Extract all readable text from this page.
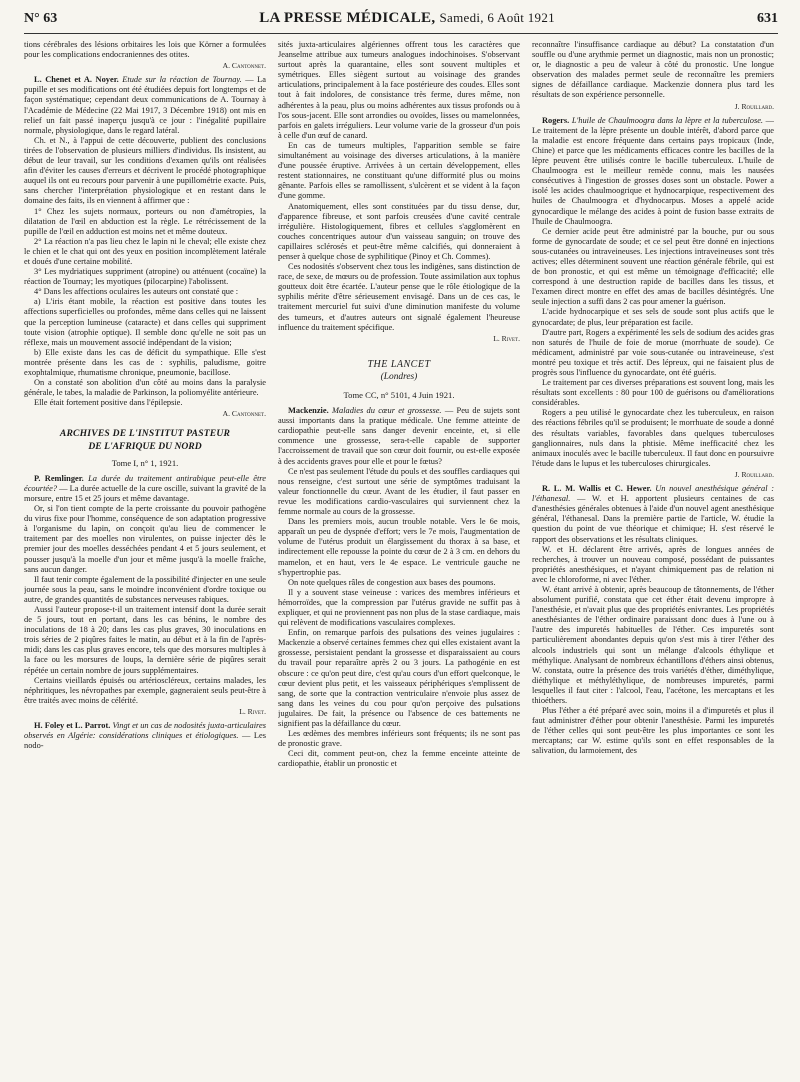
N° 63	LA PRESSE MÉDICALE, Samedi, 6 Août 1921	631

tions cérébrales des lésions orbitaires les lois que Körner a formulées pour les complications endocraniennes des otites.

A. Cantonnet.

L. Chenet et A. Noyer. Etude sur la réaction de Tournay. — La pupille et ses modifications ont été étudiées depuis fort longtemps et de façon systématique; cependant deux communications de A. Tournay à l'Académie de Médecine (22 Mai 1917, 3 Décembre 1918) ont mis en relief un fait passé inaperçu jusqu'à ce jour : l'inégalité pupillaire normale, physiologique, dans le regard latéral.

Ch. et N., à l'appui de cette découverte, publient des conclusions tirées de l'observation de plusieurs milliers d'individus. Ils insistent, au début de leur travail, sur les conditions d'examen qu'ils ont réalisées afin d'éviter les causes d'erreurs et décrivent le procédé photographique auquel ils ont eu recours pour parvenir à une pupillométrie exacte. Puis, sans chercher l'interprétation physiologique et en restant dans le domaine des faits, ils en viennent à affirmer que :

1° Chez les sujets normaux, porteurs ou non d'amétropies, la dilatation de l'œil en abduction est la règle. Le rétrécissement de la pupille de l'œil en adduction est moins net et même douteux.

2° La réaction n'a pas lieu chez le lapin ni le cheval; elle existe chez le chien et le chat qui ont des yeux en position incomplètement latérale et doués d'une certaine mobilité.

3° Les mydriatiques suppriment (atropine) ou atténuent (cocaïne) la réaction de Tournay; les myotiques (pilocarpine) l'abolissent.

4° Dans les affections oculaires les auteurs ont constaté que :

a) L'iris étant mobile, la réaction est positive dans toutes les affections superficielles ou profondes, même dans celles qui ne laissent que la perception lumineuse (cataracte) et dans celles qui suppriment toute vision (atrophie optique). Il semble donc qu'elle ne soit pas un réflexe, mais un mouvement associé indépendant de la vision;

b) Elle existe dans les cas de déficit du sympathique. Elle s'est montrée présente dans les cas de : syphilis, paludisme, goitre exophtalmique, rhumatisme chronique, pneumonie, bacillose.

On a constaté son abolition d'un côté au moins dans la paralysie générale, le tabes, la maladie de Parkinson, la poliomyélite antérieure.

Elle était fortement positive dans l'épilepsie.

A. Cantonnet.
ARCHIVES DE L'INSTITUT PASTEUR
DE L'AFRIQUE DU NORD
Tome I, n° 1, 1921.

P. Remlinger. La durée du traitement antirabique peut-elle être écourtée? — La durée actuelle de la cure oscille, suivant la gravité de la morsure, entre 15 et 25 jours et même davantage.

Or, si l'on tient compte de la perte croissante du pouvoir pathogène du virus fixe pour l'homme, conséquence de son adaptation progressive à l'organisme du lapin, on conçoit qu'au lieu de commencer le traitement par des moelles non virulentes, on puisse injecter dès le premier jour des moelles desséchées pendant 4 et 5 jours seulement, et pousser jusqu'à la moelle d'un jour et même jusqu'à la moelle fraîche, sans aucun danger.

Il faut tenir compte également de la possibilité d'injecter en une seule journée sous la peau, sans le moindre inconvénient d'ordre toxique ou autre, de grandes quantités de substances nerveuses rabiques.

Aussi l'auteur propose-t-il un traitement intensif dont la durée serait de 5 jours, tout en portant, dans les cas bénins, le nombre des inoculations de 18 à 20; dans les cas plus graves, 30 inoculations en trois séries de 2 piqûres faites le matin, au début et à la fin de l'après-midi; dans les cas plus graves encore, tels que des morsures multiples à la face ou les morsures de loups, la dernière série de piqûres serait répétée un certain nombre de jours supplémentaires.

Certains vieillards épuisés ou artérioscléreux, certains malades, les néphritiques, les névropathes par exemple, gagneraient seuls peut-être à être traités avec moins de célérité.

L. Rivet.

H. Foley et L. Parrot. Vingt et un cas de nodosités juxta-articulaires observés en Algérie: considérations cliniques et étiologiques. — Les nodo-

sités juxta-articulaires algériennes offrent tous les caractères que Jeanselme attribue aux tumeurs analogues indochinoises. S'observant surtout après la quarantaine, elles sont souvent multiples et symétriques. Elles siègent surtout au voisinage des grandes articulations, principalement à la face postérieure des coudes. Elles sont tout à fait indolores, de consistance très ferme, dures même, non adhérentes à la peau, plus ou moins adhérentes aux tissus profonds ou à l'os sous-jacent. Elle sont arrondies ou ovoïdes, lisses ou mamelonnées, parfois en galets irréguliers. Leur volume varie de la grosseur d'un pois à celle d'un œuf de canard.

En cas de tumeurs multiples, l'apparition semble se faire simultanément au voisinage des diverses articulations, à la manière d'une poussée éruptive. Arrivées à un certain développement, elles restent stationnaires, ne constituant qu'une difformité plus ou moins gênante. Parfois elles se ramollissent, s'ulcèrent et se vident à la façon d'une gomme.

Anatomiquement, elles sont constituées par du tissu dense, dur, d'apparence fibreuse, et sont parfois creusées d'une cavité centrale irrégulière. Histologiquement, fibres et cellules s'agglomèrent en couches concentriques autour d'un vaisseau sanguin; on trouve des capillaires sclérosés et peut-être même calcifiés, qui donneraient à penser à quelque chose de syphilitique (Pinoy et Ch. Commes).

Ces nodosités s'observent chez tous les indigènes, sans distinction de race, de sexe, de mœurs ou de profession. Toute assimilation aux tophus goutteux doit être écartée. L'auteur pense que le rôle étiologique de la syphilis mérite d'être sérieusement envisagé. Dans un de ces cas, le traitement mercuriel fut suivi d'une diminution manifeste du volume des tumeurs, et d'autres auteurs ont signalé également l'heureuse influence du traitement spécifique.

L. Rivet.
THE LANCET
(Londres)
Tome CC, n° 5101, 4 Juin 1921.

Mackenzie. Maladies du cœur et grossesse. — Peu de sujets sont aussi importants dans la pratique médicale. Une femme atteinte de cardiopathie peut-elle sans danger devenir enceinte, et, si elle commence une grossesse, sera-t-elle capable de supporter l'accroissement de travail que son cœur doit fournir, ou est-elle exposée à des accidents graves pour elle et pour le fœtus?

Ce n'est pas seulement l'étude du pouls et des souffles cardiaques qui nous renseigne, c'est surtout une série de symptômes traduisant la valeur fonctionnelle du cœur. Avant de les étudier, il faut passer en revue les modifications cardio-vasculaires qui surviennent chez la femme normale au cours de la grossesse.

Dans les premiers mois, aucun trouble notable. Vers le 6e mois, apparaît un peu de dyspnée d'effort; vers le 7e mois, l'augmentation de volume de l'utérus produit un élargissement du thorax à sa base, et indirectement elle repousse la pointe du cœur de 2 à 3 cm. en dehors du mamelon, et en haut, vers le 4e espace. Le ventricule gauche ne s'hypertrophie pas.

On note quelques râles de congestion aux bases des poumons.

Il y a souvent stase veineuse : varices des membres inférieurs et hémorroïdes, que la compression par l'utérus gravide ne suffit pas à expliquer, et qui ne proviennent pas non plus de la stase cardiaque, mais qui relèvent de modifications vasculaires complexes.

Enfin, on remarque parfois des pulsations des veines jugulaires : Mackenzie a observé certaines femmes chez qui elles existaient avant la grossesse, persistaient pendant la grossesse et disparaissaient au cours du travail pour reparaître après 2 ou 3 jours. La pathogénie en est obscure : ce qu'on peut dire, c'est qu'au cours d'un effort quelconque, le cœur devient plus petit, et les vaisseaux périphériques s'emplissent de sang, de sorte que la contraction ventriculaire n'envoie plus assez de sang dans les veines du cou pour qu'on perçoive des pulsations jugulaires. De fait, la présence ou l'absence de ces battements ne signifient pas la défaillance du cœur.

Les œdèmes des membres inférieurs sont fréquents; ils ne sont pas de pronostic grave.

Ceci dit, comment peut-on, chez la femme enceinte atteinte de cardiopathie, établir un pronostic et

reconnaître l'insuffisance cardiaque au début? La constatation d'un souffle ou d'une arythmie permet un diagnostic, mais non un pronostic; or, le diagnostic a peu de valeur à côté du pronostic. Une longue observation des malades permet seule de reconnaître les premiers signes de défaillance cardiaque. Mackenzie donnera plus tard les résultats de son expérience personnelle.

J. Rouillard.

Rogers. L'huile de Chaulmoogra dans la lèpre et la tuberculose. — Le traitement de la lèpre présente un double intérêt, d'abord parce que la maladie est encore fréquente dans certains pays tropicaux (Inde, Chine) et parce que les médicaments efficaces contre les bacilles de la lèpre peuvent être utilisés contre le bacille tuberculeux. L'huile de Chaulmoogra est le meilleur remède connu, mais les nausées consécutives à l'ingestion de grosses doses sont un obstacle. Power a isolé les acides chaulmoogrique et hydnocarpique, respectivement des huiles de Chaulmoogra et d'hydnocarpus. Moses a appelé acide gynocardique le mélange des acides à point de fusion basse extraits de l'huile de Chaulmoogra.

Ce dernier acide peut être administré par la bouche, pur ou sous forme de gynocardate de soude; et ce sel peut être donné en injections sous-cutanées ou intraveineuses. Les injections intraveineuses sont très actives; elles déterminent souvent une réaction générale fébrile, qui est de bon pronostic, et qui est même un témoignage d'efficacité; elle correspond à une destruction rapide de bacilles dans les tissus, et l'examen direct montre en effet des amas de bacilles désintégrés. Une seule injection a suffi dans 2 cas pour amener la guérison.

L'acide hydnocarpique et ses sels de soude sont plus actifs que le gynocardate; de plus, leur préparation est facile.

D'autre part, Rogers a expérimenté les sels de sodium des acides gras non saturés de l'huile de foie de morue (morrhuate de soude). Ce médicament, administré par voie sous-cutanée ou intraveineuse, s'est montré peu toxique et très actif. Des lépreux, qui ne faisaient plus de progrès sous l'influence du gynocardate, ont été guéris.

Le traitement par ces diverses préparations est souvent long, mais les résultats sont excellents : 80 pour 100 de guérisons ou d'améliorations considérables.

Rogers a peu utilisé le gynocardate chez les tuberculeux, en raison des réactions fébriles qu'il se produisent; le morrhuate de soude a donné des résultats variables, favorables dans quelques tuberculoses ganglionnaires, nuls dans la phtisie. Même inefficacité chez les animaux inoculés avec le bacille tuberculeux. Il faut donc en poursuivre l'étude dans le lupus et les tuberculoses chirurgicales.

J. Rouillard.

R. L. M. Wallis et C. Hewer. Un nouvel anesthésique général : l'éthanesal. — W. et H. apportent plusieurs centaines de cas d'anesthésies générales obtenues à l'aide d'un nouvel agent anesthésique général, l'éthanesal. Dans la première partie de l'article, W. étudie la question du point de vue théorique et chimique; H. s'est réservé le rapport des observations et les résultats cliniques.

W. et H. déclarent être arrivés, après de longues années de recherches, à trouver un nouveau composé, possédant de puissantes propriétés anesthésiques, et n'ayant chimiquement pas de relation ni avec le chloroforme, ni avec l'éther.

W. étant arrivé à obtenir, après beaucoup de tâtonnements, de l'éther absolument purifié, constata que cet éther était devenu impropre à l'anesthésie, et n'avait plus que des propriétés enivrantes. Les propriétés anesthésiantes de l'éther ordinaire paraissant donc dues à l'une ou à l'autre des impuretés habituelles de l'éther. Ces impuretés sont particulièrement abondantes depuis qu'on s'est mis à tirer l'éther des alcools industriels qui sont un mélange d'alcools éthylique et méthylique. Analysant de nombreux échantillons d'éthers ainsi obtenus, W. constata, outre la présence des trois variétés d'éther, diméthylique, diéthylique et méthyléthylique, de nombreuses impuretés, parmi lesquelles il faut citer : l'alcool, l'eau, l'acétone, les mercaptans et les thioéthers.

Plus l'éther a été préparé avec soin, moins il a d'impuretés et plus il faut administrer d'éther pour obtenir l'anesthésie. Parmi les impuretés de l'éther celles qui sont peut-être les plus importantes ce sont les mercaptans; car W. estime qu'ils sont en effet responsables de la salivation, du larmoiement, des
